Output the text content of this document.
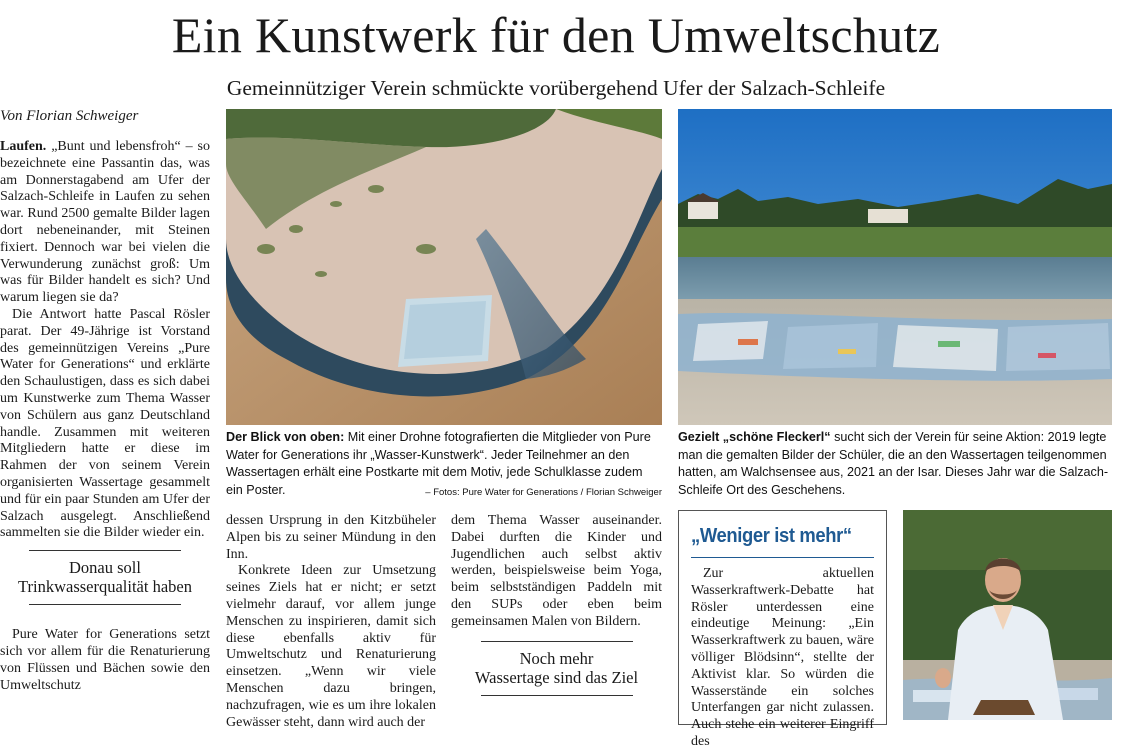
Ein Kunstwerk für den Umweltschutz
Gemeinnütziger Verein schmückte vorübergehend Ufer der Salzach-Schleife
Von Florian Schweiger

Laufen. „Bunt und lebensfroh“ – so bezeichnete eine Passantin das, was am Donnerstagabend am Ufer der Salzach-Schleife in Laufen zu sehen war. Rund 2500 gemalte Bilder lagen dort nebeneinander, mit Steinen fixiert. Dennoch war bei vielen die Verwunderung zunächst groß: Um was für Bilder handelt es sich? Und warum liegen sie da?

Die Antwort hatte Pascal Rösler parat. Der 49-Jährige ist Vorstand des gemeinnützigen Vereins „Pure Water for Generations“ und erklärte den Schaulustigen, dass es sich dabei um Kunstwerke zum Thema Wasser von Schülern aus ganz Deutschland handle. Zusammen mit weiteren Mitgliedern hatte er diese im Rahmen der von seinem Verein organisierten Wassertage gesammelt und für ein paar Stunden am Ufer der Salzach ausgelegt. Anschließend sammelten sie die Bilder wieder ein.

Donau soll
Trinkwasserqualität haben

Pure Water for Generations setzt sich vor allem für die Renaturierung von Flüssen und Bächen sowie den Umweltschutz

Der Blick von oben: Mit einer Drohne fotografierten die Mitglieder von Pure Water for Generations ihr „Wasser-Kunstwerk“. Jeder Teilnehmer an den Wassertagen erhält eine Postkarte mit dem Motiv, jede Schulklasse zudem ein Poster.	– Fotos: Pure Water for Generations / Florian Schweiger
Gezielt „schöne Fleckerl“ sucht sich der Verein für seine Aktion: 2019 legte man die gemalten Bilder der Schüler, die an den Wassertagen teilgenommen hatten, am Walchsensee aus, 2021 an der Isar. Dieses Jahr war die Salzach-Schleife Ort des Geschehens.

dessen Ursprung in den Kitzbüheler Alpen bis zu seiner Mündung in den Inn.

Konkrete Ideen zur Umsetzung seines Ziels hat er nicht; er setzt vielmehr darauf, vor allem junge Menschen zu inspirieren, damit sich diese ebenfalls aktiv für Umweltschutz und Renaturierung einsetzen. „Wenn wir viele Menschen dazu bringen, nachzufragen, wie es um ihre lokalen Gewässer steht, dann wird auch der

dem Thema Wasser auseinander. Dabei durften die Kinder und Jugendlichen auch selbst aktiv werden, beispielsweise beim Yoga, beim selbstständigen Paddeln mit den SUPs oder eben beim gemeinsamen Malen von Bildern.

Noch mehr
Wassertage sind das Ziel
„Weniger ist mehr“

Zur aktuellen Wasserkraftwerk-Debatte hat Rösler unterdessen eine eindeutige Meinung: „Ein Wasserkraftwerk zu bauen, wäre völliger Blödsinn“, stellte der Aktivist klar. So würden die Wasserstände ein solches Unterfangen gar nicht zulassen. Auch stehe ein weiterer Eingriff des
